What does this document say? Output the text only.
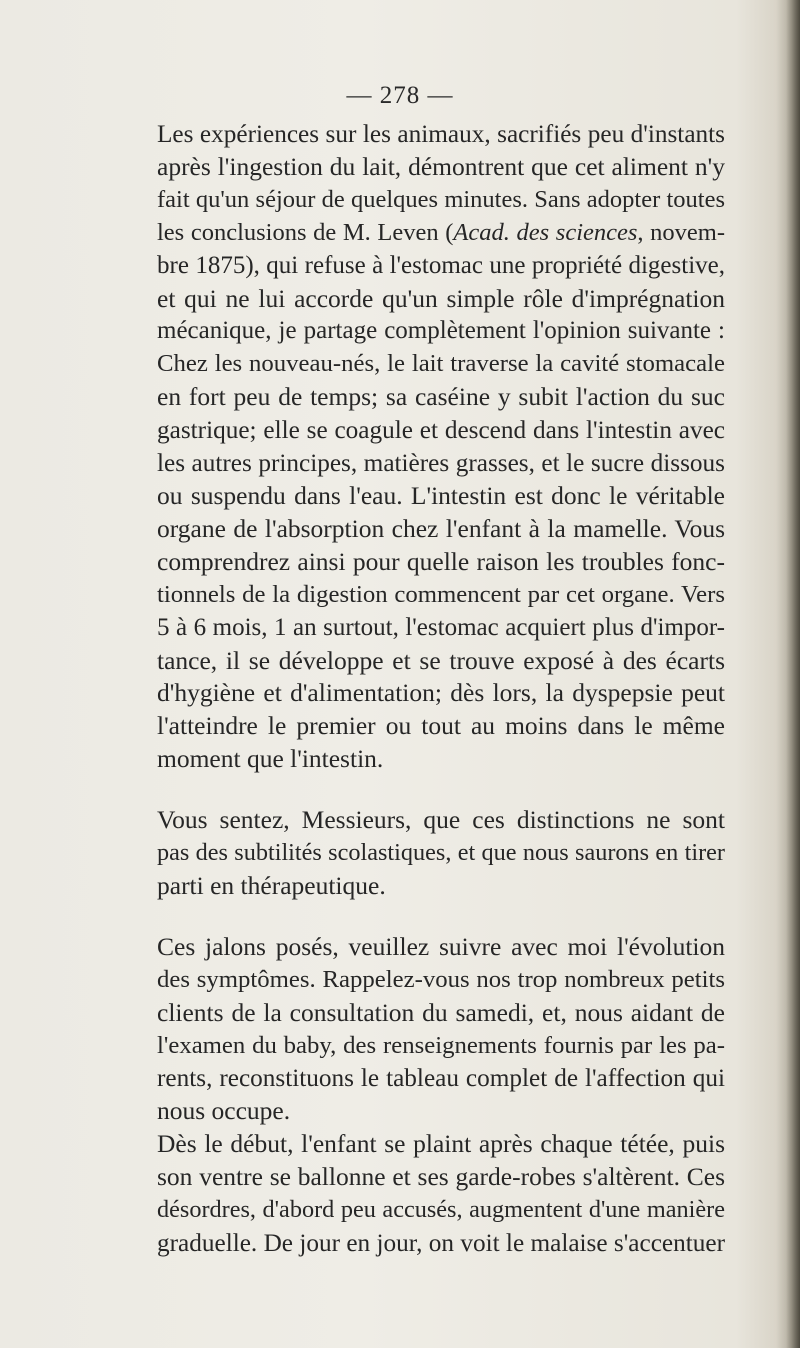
— 278 —
Les expériences sur les animaux, sacrifiés peu d'instants
après l'ingestion du lait, démontrent que cet aliment n'y
fait qu'un séjour de quelques minutes. Sans adopter toutes
les conclusions de M. Leven (Acad. des sciences, novem-
bre 1875), qui refuse à l'estomac une propriété digestive,
et qui ne lui accorde qu'un simple rôle d'imprégnation
mécanique, je partage complètement l'opinion suivante :
Chez les nouveau-nés, le lait traverse la cavité stomacale
en fort peu de temps; sa caséine y subit l'action du suc
gastrique; elle se coagule et descend dans l'intestin avec
les autres principes, matières grasses, et le sucre dissous
ou suspendu dans l'eau. L'intestin est donc le véritable
organe de l'absorption chez l'enfant à la mamelle. Vous
comprendrez ainsi pour quelle raison les troubles fonc-
tionnels de la digestion commencent par cet organe. Vers
5 à 6 mois, 1 an surtout, l'estomac acquiert plus d'impor-
tance, il se développe et se trouve exposé à des écarts
d'hygiène et d'alimentation; dès lors, la dyspepsie peut
l'atteindre le premier ou tout au moins dans le même
moment que l'intestin.
Vous sentez, Messieurs, que ces distinctions ne sont
pas des subtilités scolastiques, et que nous saurons en tirer
parti en thérapeutique.
Ces jalons posés, veuillez suivre avec moi l'évolution
des symptômes. Rappelez-vous nos trop nombreux petits
clients de la consultation du samedi, et, nous aidant de
l'examen du baby, des renseignements fournis par les pa-
rents, reconstituons le tableau complet de l'affection qui
nous occupe.
Dès le début, l'enfant se plaint après chaque tétée, puis
son ventre se ballonne et ses garde-robes s'altèrent. Ces
désordres, d'abord peu accusés, augmentent d'une manière
graduelle. De jour en jour, on voit le malaise s'accentuer
